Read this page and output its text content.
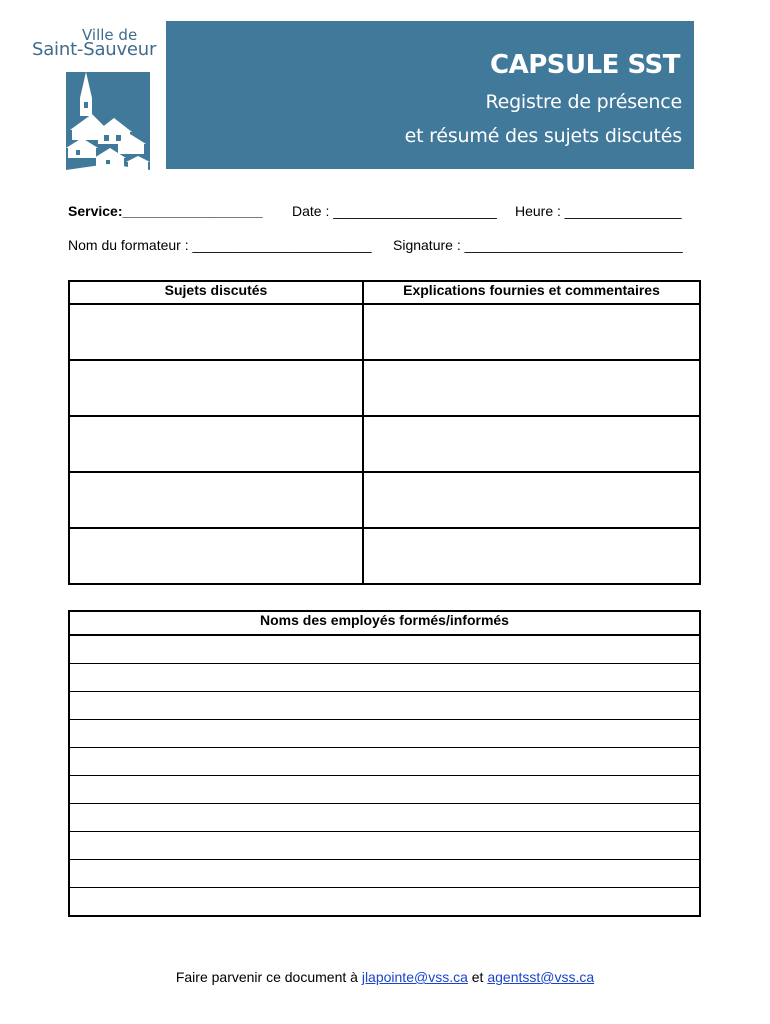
Ville de
Saint-Sauveur
CAPSULE SST
Registre de présence
et résumé des sujets discutés
Service:__________________ Date : _____________________ Heure : _______________
Nom du formateur : _______________________ Signature : ____________________________
Sujets discutés	Explications fournies et commentaires

Noms des employés formés/informés

Faire parvenir ce document à jlapointe@vss.ca et agentsst@vss.ca
